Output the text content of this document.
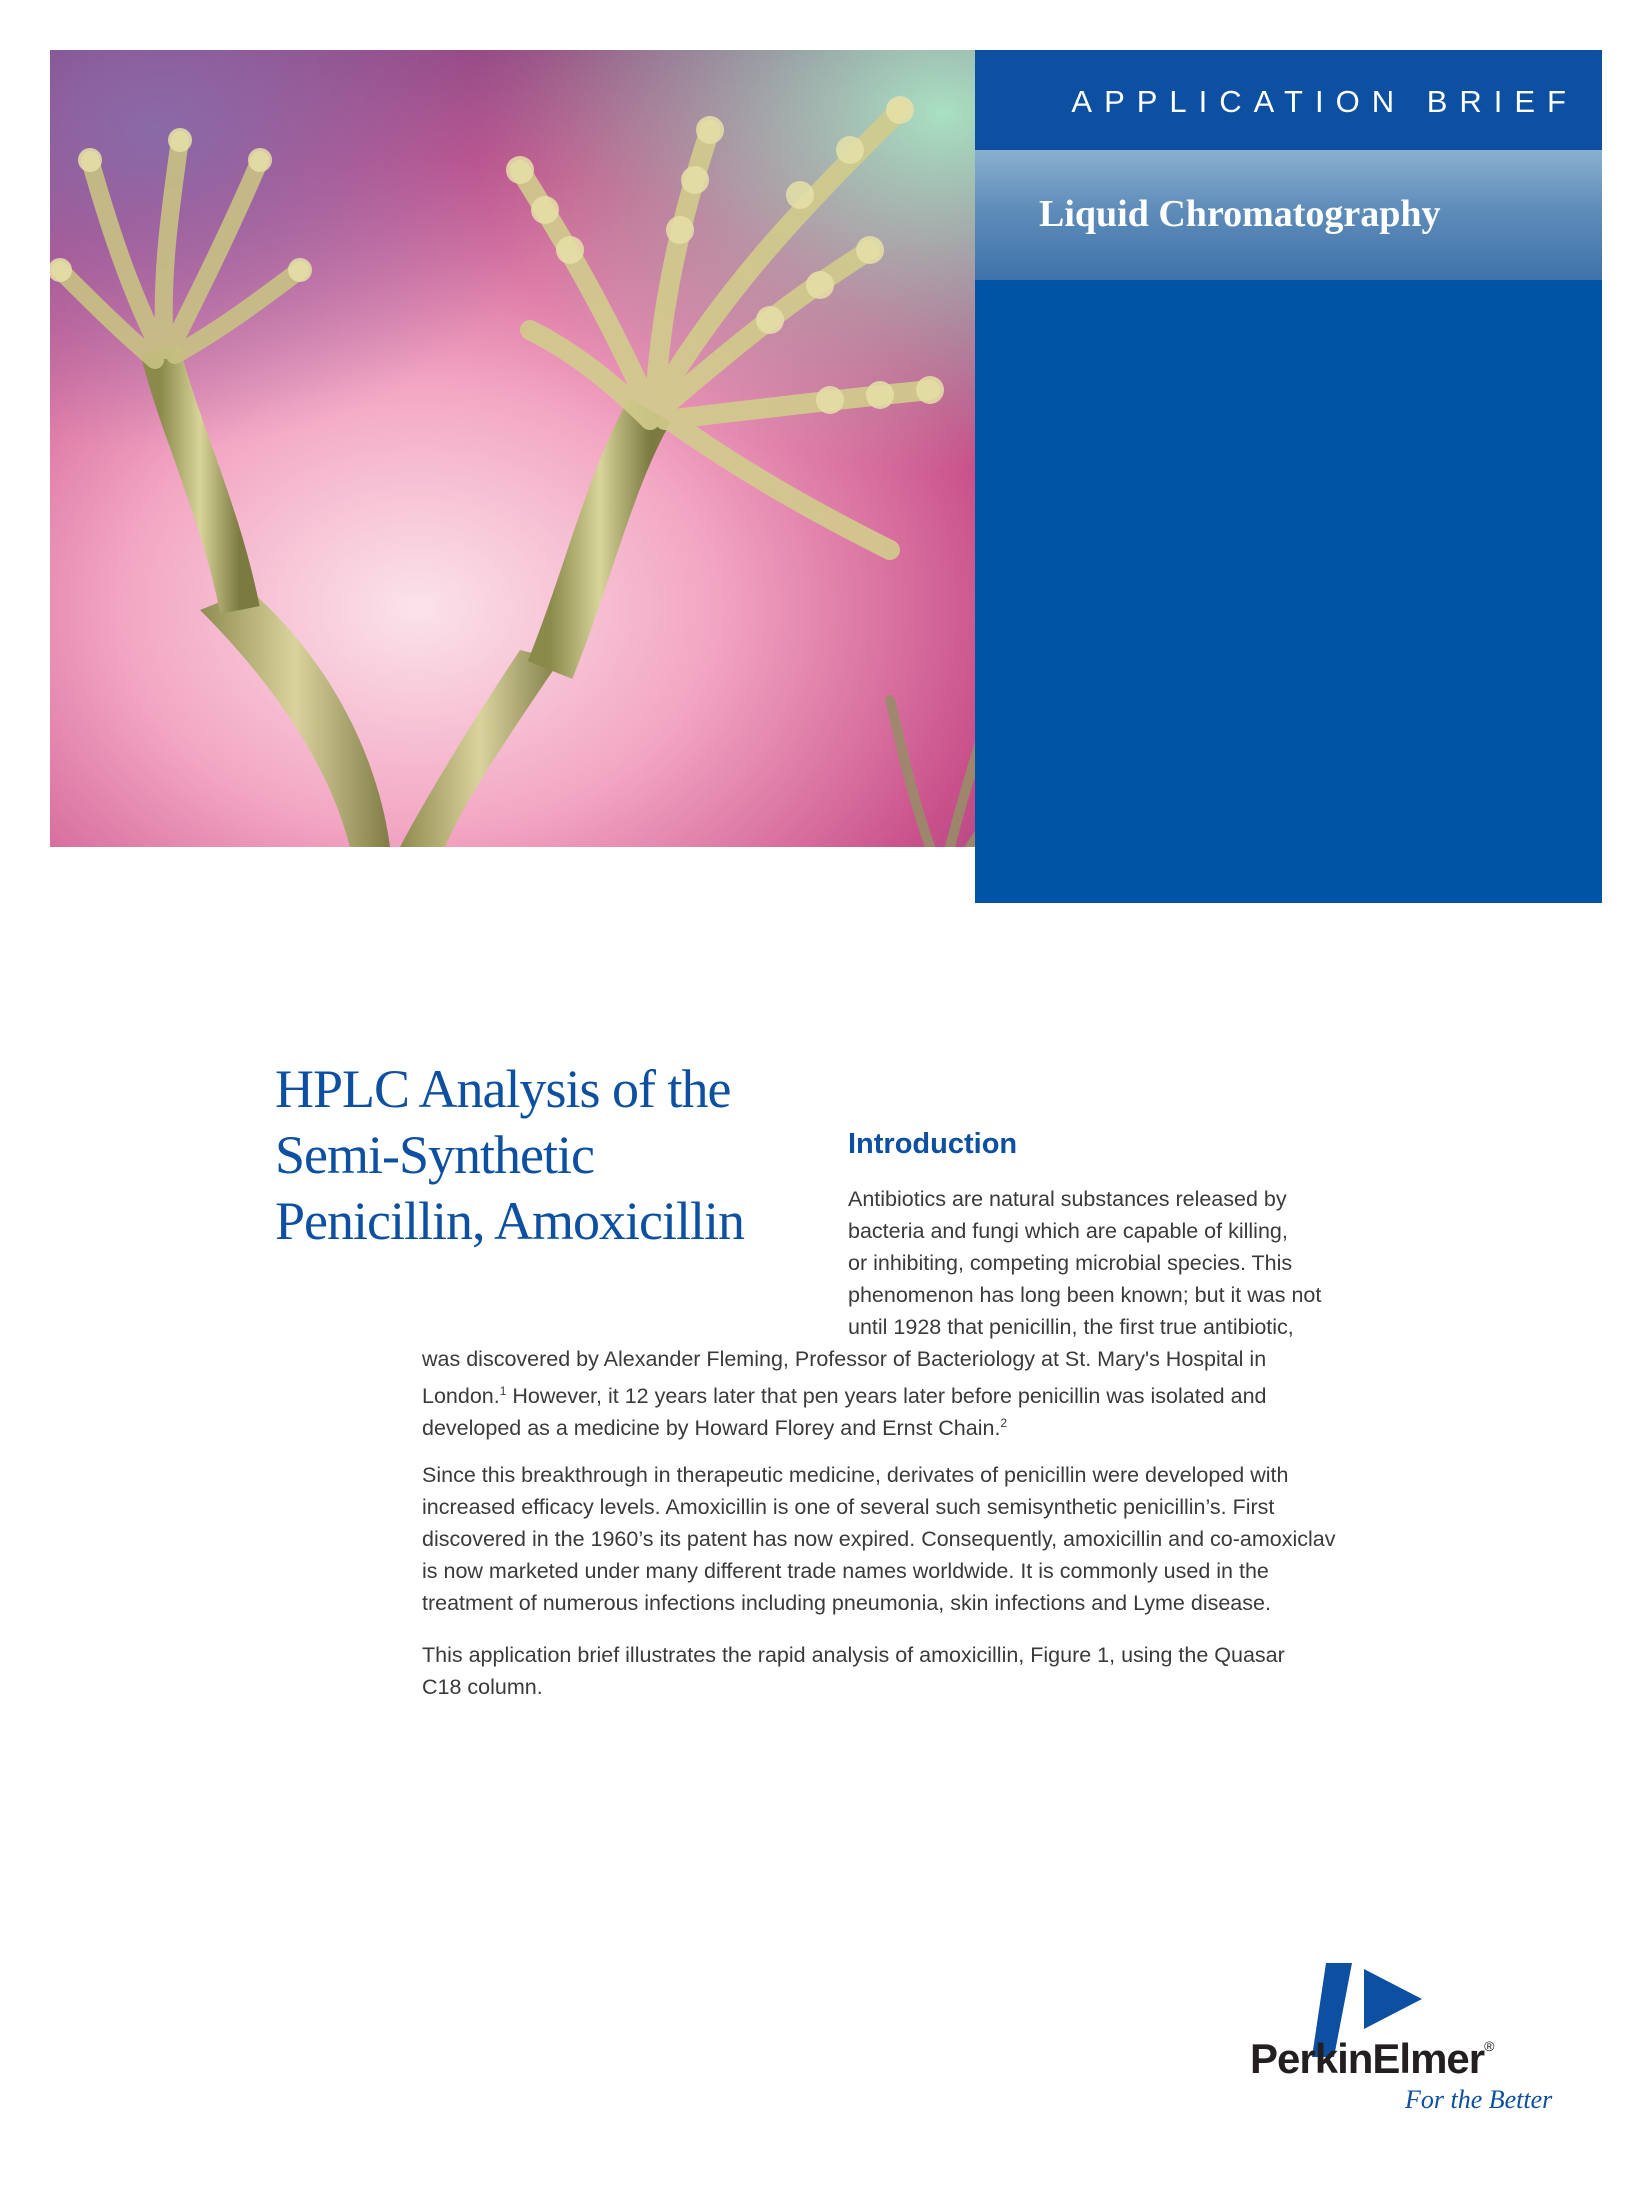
APPLICATION BRIEF

Liquid Chromatography

HPLC Analysis of the
Semi-Synthetic
Penicillin, Amoxicillin
Introduction

Antibiotics are natural substances released by

bacteria and fungi which are capable of killing,

or inhibiting, competing microbial species. This

phenomenon has long been known; but it was not

until 1928 that penicillin, the first true antibiotic,

was discovered by Alexander Fleming, Professor of Bacteriology at St. Mary's Hospital in

London.$^1$ However, it 12 years later that pen years later before penicillin was isolated and

developed as a medicine by Howard Florey and Ernst Chain.$^2$

Since this breakthrough in therapeutic medicine, derivates of penicillin were developed with

increased efficacy levels. Amoxicillin is one of several such semisynthetic penicillin’s. First

discovered in the 1960’s its patent has now expired. Consequently, amoxicillin and co-amoxiclav

is now marketed under many different trade names worldwide. It is commonly used in the

treatment of numerous infections including pneumonia, skin infections and Lyme disease.

This application brief illustrates the rapid analysis of amoxicillin, Figure 1, using the Quasar

C18 column.

PerkinElmer®

For the Better
